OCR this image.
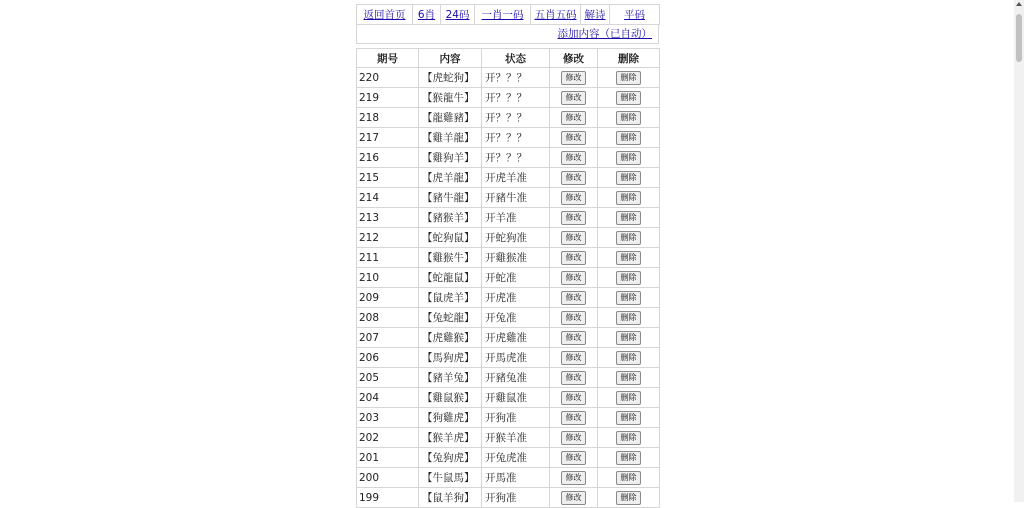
返回首页	6肖	24码	一肖一码	五肖五码	解诗	平码
添加内容（已自动）
期号	内容	状态	修改	删除
220	【虎蛇狗】	开？？？	修改	删除
219	【猴龍牛】	开？？？	修改	删除
218	【龍雞豬】	开？？？	修改	删除
217	【雞羊龍】	开？？？	修改	删除
216	【雞狗羊】	开？？？	修改	删除
215	【虎羊龍】	开虎羊准	修改	删除
214	【豬牛龍】	开豬牛准	修改	删除
213	【豬猴羊】	开羊准	修改	删除
212	【蛇狗鼠】	开蛇狗准	修改	删除
211	【雞猴牛】	开雞猴准	修改	删除
210	【蛇龍鼠】	开蛇准	修改	删除
209	【鼠虎羊】	开虎准	修改	删除
208	【兔蛇龍】	开兔准	修改	删除
207	【虎雞猴】	开虎雞准	修改	删除
206	【馬狗虎】	开馬虎准	修改	删除
205	【豬羊兔】	开豬兔准	修改	删除
204	【雞鼠猴】	开雞鼠准	修改	删除
203	【狗雞虎】	开狗准	修改	删除
202	【猴羊虎】	开猴羊准	修改	删除
201	【兔狗虎】	开兔虎准	修改	删除
200	【牛鼠馬】	开馬准	修改	删除
199	【鼠羊狗】	开狗准	修改	删除
